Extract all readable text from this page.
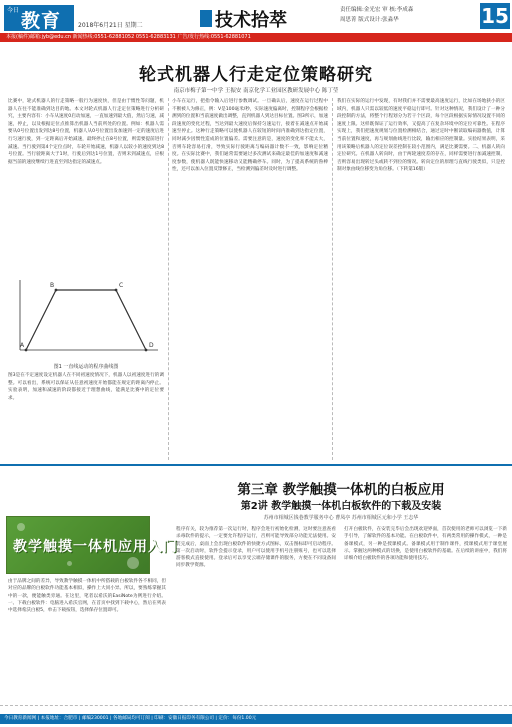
今日 教育	2018年6月21日 星期二	技术拾萃	责任编辑:金光宏 审 核:李成森
周思菁 版式设计:张淼华	15
本报(稿件)邮箱:jyb@edu.cn 新闻热线:0551-62881052 0551-62883131 广告/发行热线:0551-62881071
轮式机器人行走定位策略研究
南京市梅子第一中学 王振安 南京化学工业园区教研发展中心 陈丁莹
比赛中，轮式机器人的行走策略一般行为速度快，但是由于惯性等问题，机器人在往不能准确到达目的地。本文对轮式机器人行走定位策略进行分析研究，主要内容有：小车从速度0启动加速，一直加速到最大值，然后匀速，减速，停止，以及根据定位点推算出机器人当前所处的位置。例如：机器人需要从0号位置出发到达8号位置，机器人从0号位置出发加速到一定的速度后进行匀速行驶，到一定距离后开始减速，最终停止在8号位置，则需要提前进行减速。当行驶到第4个定位点时，车轮开始减速，机器人以较小的速度到达8号位置。当行驶距离大于1时，行驶后到达1号位置，否则未到减速点，应根据当前的速度继续行进直至到达指定的减速点。
A
B	C
D
图1 一直线运动的程序曲线图
图3是在不定速度设定机器人在不同初速度情况下，机器人以初速度进行的调整。可以看出，系统可以保证从任意初速度开始都能在规定的距离内停止。实验表明，加速和减速的阶段都接近于理想曲线，能满足比赛中的定位要求。
小车在运行，把指令输入后进行参数调试。一旦确认后，速度在运行过程中不断被人为修正，例：V是100毫米/秒，实际速度偏离时，控制程序会根据检测到的位置和当前速度做出调整，直到机器人到达目标位置。图3所示，加速段速度的变化过程，当达到最大速度后保持匀速运行，接着在减速点开始减速至停止。这种行走策略可以使机器人在较短的时间内准确到达指定位置，同时减少因惯性造成的位置偏差。需要注意的是，速度的变化率不能太大，否则车轮容易打滑，导致实际行驶距离与编码器计数不一致，影响定位精度。在实际比赛中，我们通常需要通过多次测试来确定最佳的加速度和减速度参数，使机器人既能快速移动又能精确停车。同时，为了提高系统的鲁棒性，还可以加入位置反馈修正，当检测到偏差时及时进行调整。
我们在实际的运行中发现，有时我们并不需要最高速度运行，比如在场地狭小的区域内，机器人只需以较低的速度平稳运行即可。针对这种情况，我们设计了一种分段控制的方法，将整个行程划分为若干个区段，每个区段根据实际情况设置不同的速度上限。这样既保证了运行效率，又提高了在复杂环境中的定位可靠性。在程序实现上，我们把速度规划与位置检测相结合，通过定时中断读取编码器数值，计算当前位置和速度，再与规划曲线进行比较，输出相应的控制量。实验结果表明，采用该策略后机器人的定位误差控制在较小范围内，满足比赛需要。二、机器人转向定位研究。在机器人转向时，由于两轮速度差的存在，同样需要进行加减速控制，否则容易出现转过头或转不到位的情况。转向定位的原理与直线行驶类似，只是控制对象由线位移变为角位移。（下转第16版）
教学触摸一体机应用入门
第三章 教学触摸一体机的白板应用
第2讲 教学触摸一体机白板软件的下载及安装
苏州市相城区钱巷教学服务中心 曹凤亭 苏州市相城区元和小学 王志华
由于品牌之间的差异，导致教学触摸一体机中所搭载的白板软件各不相同，但对应的品牌的白板软件功能基本相似，操作上大同小异。所以，要熟练掌握其中的一款，便能触类旁通。在这里，笔者以希沃的EasiNote为例进行介绍。一、下载白板软件：电脑进入希沃官网，在首页中找到下载中心，然后在列表中选择希沃白板5，单击下载按钮，选择保存位置即可。
程序有关，较为推荐第一次运行时，程序会进行初始化检测，这时要注意查看杀毒软件的提示，一定要允许程序运行，否则可能导致部分功能无法使用。安装完成后，桌面上会出现白板软件的快捷方式图标，双击图标即可启动程序。第一次启动时，软件会提示登录，用户可以使用手机号注册账号，也可以选择游客模式直接使用。登录后可以享受云端存储课件的服务，方便在不同设备间同步教学资源。
打开白板软件，在安装完毕后会出现欢迎界面，首次使用的老师可以浏览一下新手引导，了解软件的基本功能。在白板软件中，有两类常用的操作模式，一种是备课模式，另一种是授课模式。备课模式用于制作课件，授课模式用于课堂展示。掌握这两种模式的切换，是使用白板软件的基础。在后续的讲座中，我们将详细介绍白板软件的各项功能和使用技巧。
今日教育新闻网 | 本报地址：合肥市 | 邮编230001 | 各地邮局均可订阅 | 印刷：安徽日报印务有限公司 | 定价：每份1.00元
